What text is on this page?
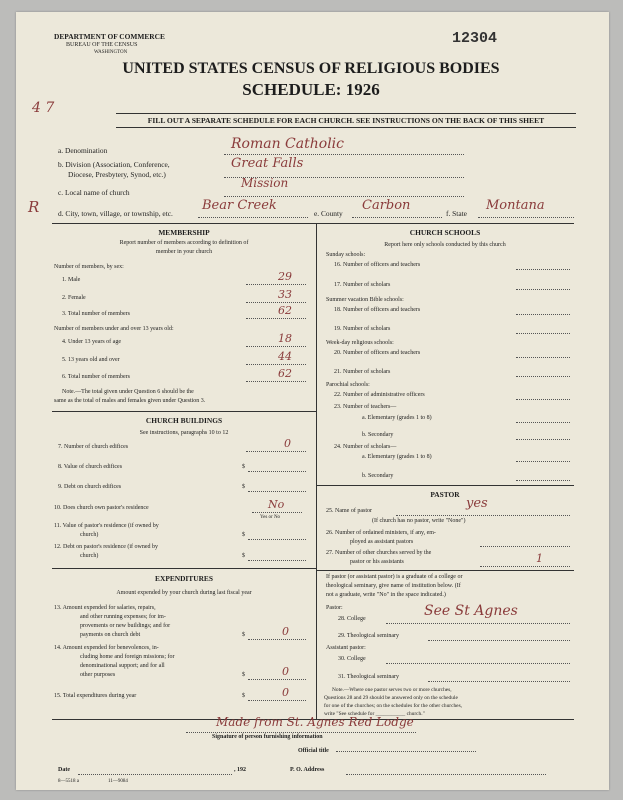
DEPARTMENT OF COMMERCE
BUREAU OF THE CENSUS
WASHINGTON
12304
UNITED STATES CENSUS OF RELIGIOUS BODIES
SCHEDULE: 1926
4 7
FILL OUT A SEPARATE SCHEDULE FOR EACH CHURCH. SEE INSTRUCTIONS ON THE BACK OF THIS SHEET
a. Denomination	Roman Catholic
b. Division (Association, Conference,
Diocese, Presbytery, Synod, etc.)
Great Falls
c. Local name of church
Mission
R	d. City, town, village, or township, etc.
Bear Creek
e. County
Carbon
f. State
Montana
MEMBERSHIP
Report number of members according to definition of
member in your church
Number of members, by sex:
1. Male	29
2. Female	33
3. Total number of members	62
Number of members under and over 13 years old:
4. Under 13 years of age	18
5. 13 years old and over	44
6. Total number of members	62
Note.—The total given under Question 6 should be the
same as the total of males and females given under Question 3.
CHURCH BUILDINGS
See instructions, paragraphs 10 to 12
7. Number of church edifices	0
8. Value of church edifices	$
9. Debt on church edifices	$
10. Does church own pastor's residence	No
Yes or No
11. Value of pastor's residence (if owned by
church)	$
12. Debt on pastor's residence (if owned by
church)	$
EXPENDITURES
Amount expended by your church during last fiscal year
13. Amount expended for salaries, repairs,
and other running expenses; for im-
provements or new buildings; and for
payments on church debt	$	0
14. Amount expended for benevolences, in-
cluding home and foreign missions; for
denominational support; and for all
other purposes	$	0
15. Total expenditures during year	$	0
CHURCH SCHOOLS
Report here only schools conducted by this church
Sunday schools:
16. Number of officers and teachers
17. Number of scholars
Summer vacation Bible schools:
18. Number of officers and teachers
19. Number of scholars
Week-day religious schools:
20. Number of officers and teachers
21. Number of scholars
Parochial schools:
22. Number of administrative officers
23. Number of teachers—
a. Elementary (grades 1 to 8)
b. Secondary
24. Number of scholars—
a. Elementary (grades 1 to 8)
b. Secondary
PASTOR
25. Name of pastor	yes
(If church has no pastor, write "None")
26. Number of ordained ministers, if any, em-
ployed as assistant pastors
27. Number of other churches served by the
pastor or his assistants	1
If pastor (or assistant pastor) is a graduate of a college or
theological seminary, give name of institution below. (If
not a graduate, write "No" in the space indicated.)
Pastor:
28. College	See St Agnes
29. Theological seminary
Assistant pastor:
30. College
31. Theological seminary
Note.—Where one pastor serves two or more churches,
Questions 28 and 29 should be answered only on the schedule
for one of the churches; on the schedules for the other churches,
write "See schedule for ___________ church."
Made from St. Agnes Red Lodge
Signature of person furnishing information
Official title
Date	, 192	P. O. Address
8—5518 a	11—9084
